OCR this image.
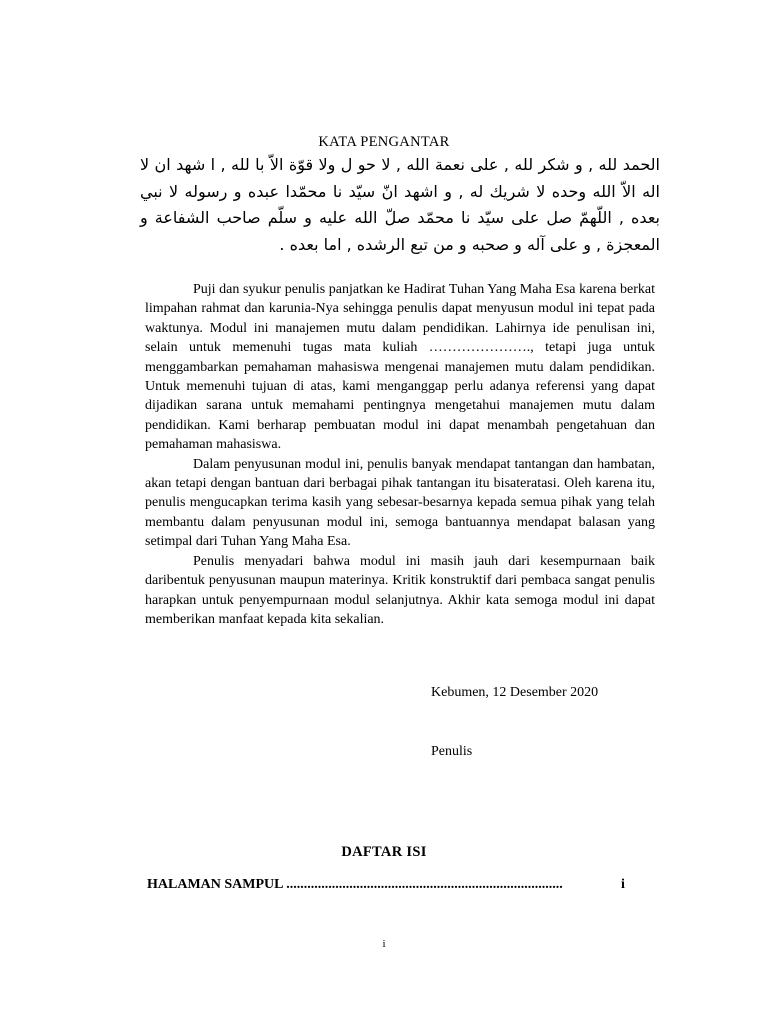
KATA PENGANTAR
الحمد لله , و شكر لله , على نعمة الله , لا حو ل ولا قوّة الاّ با لله , ا شهد ان لا اله الاّ الله وحده لا شريك له , و اشهد انّ سيّد نا محمّدا عبده و رسوله لا نبي بعده , اللّهمّ صل على سيّد نا محمّد صلّ الله عليه و سلّم صاحب الشفاعة و المعجزة , و على آله و صحبه و من تبع الرشده , اما بعده .

Puji dan syukur penulis panjatkan ke Hadirat Tuhan Yang Maha Esa karena berkat limpahan rahmat dan karunia-Nya sehingga penulis dapat menyusun modul ini tepat pada waktunya. Modul ini manajemen mutu dalam pendidikan. Lahirnya ide penulisan ini, selain untuk memenuhi tugas mata kuliah …………………., tetapi juga untuk menggambarkan pemahaman mahasiswa mengenai manajemen mutu dalam pendidikan. Untuk memenuhi tujuan di atas, kami menganggap perlu adanya referensi yang dapat dijadikan sarana untuk memahami pentingnya mengetahui manajemen mutu dalam pendidikan. Kami berharap pembuatan modul ini dapat menambah pengetahuan dan pemahaman mahasiswa.

Dalam penyusunan modul ini, penulis banyak mendapat tantangan dan hambatan, akan tetapi dengan bantuan dari berbagai pihak tantangan itu bisateratasi. Oleh karena itu, penulis mengucapkan terima kasih yang sebesar-besarnya kepada semua pihak yang telah membantu dalam penyusunan modul ini, semoga bantuannya mendapat balasan yang setimpal dari Tuhan Yang Maha Esa.

Penulis menyadari bahwa modul ini masih jauh dari kesempurnaan baik daribentuk penyusunan maupun materinya. Kritik konstruktif dari pembaca sangat penulis harapkan untuk penyempurnaan modul selanjutnya. Akhir kata semoga modul ini dapat memberikan manfaat kepada kita sekalian.

Kebumen, 12 Desember 2020
Penulis
DAFTAR ISI
HALAMAN SAMPUL ...............................................................................	i
i
